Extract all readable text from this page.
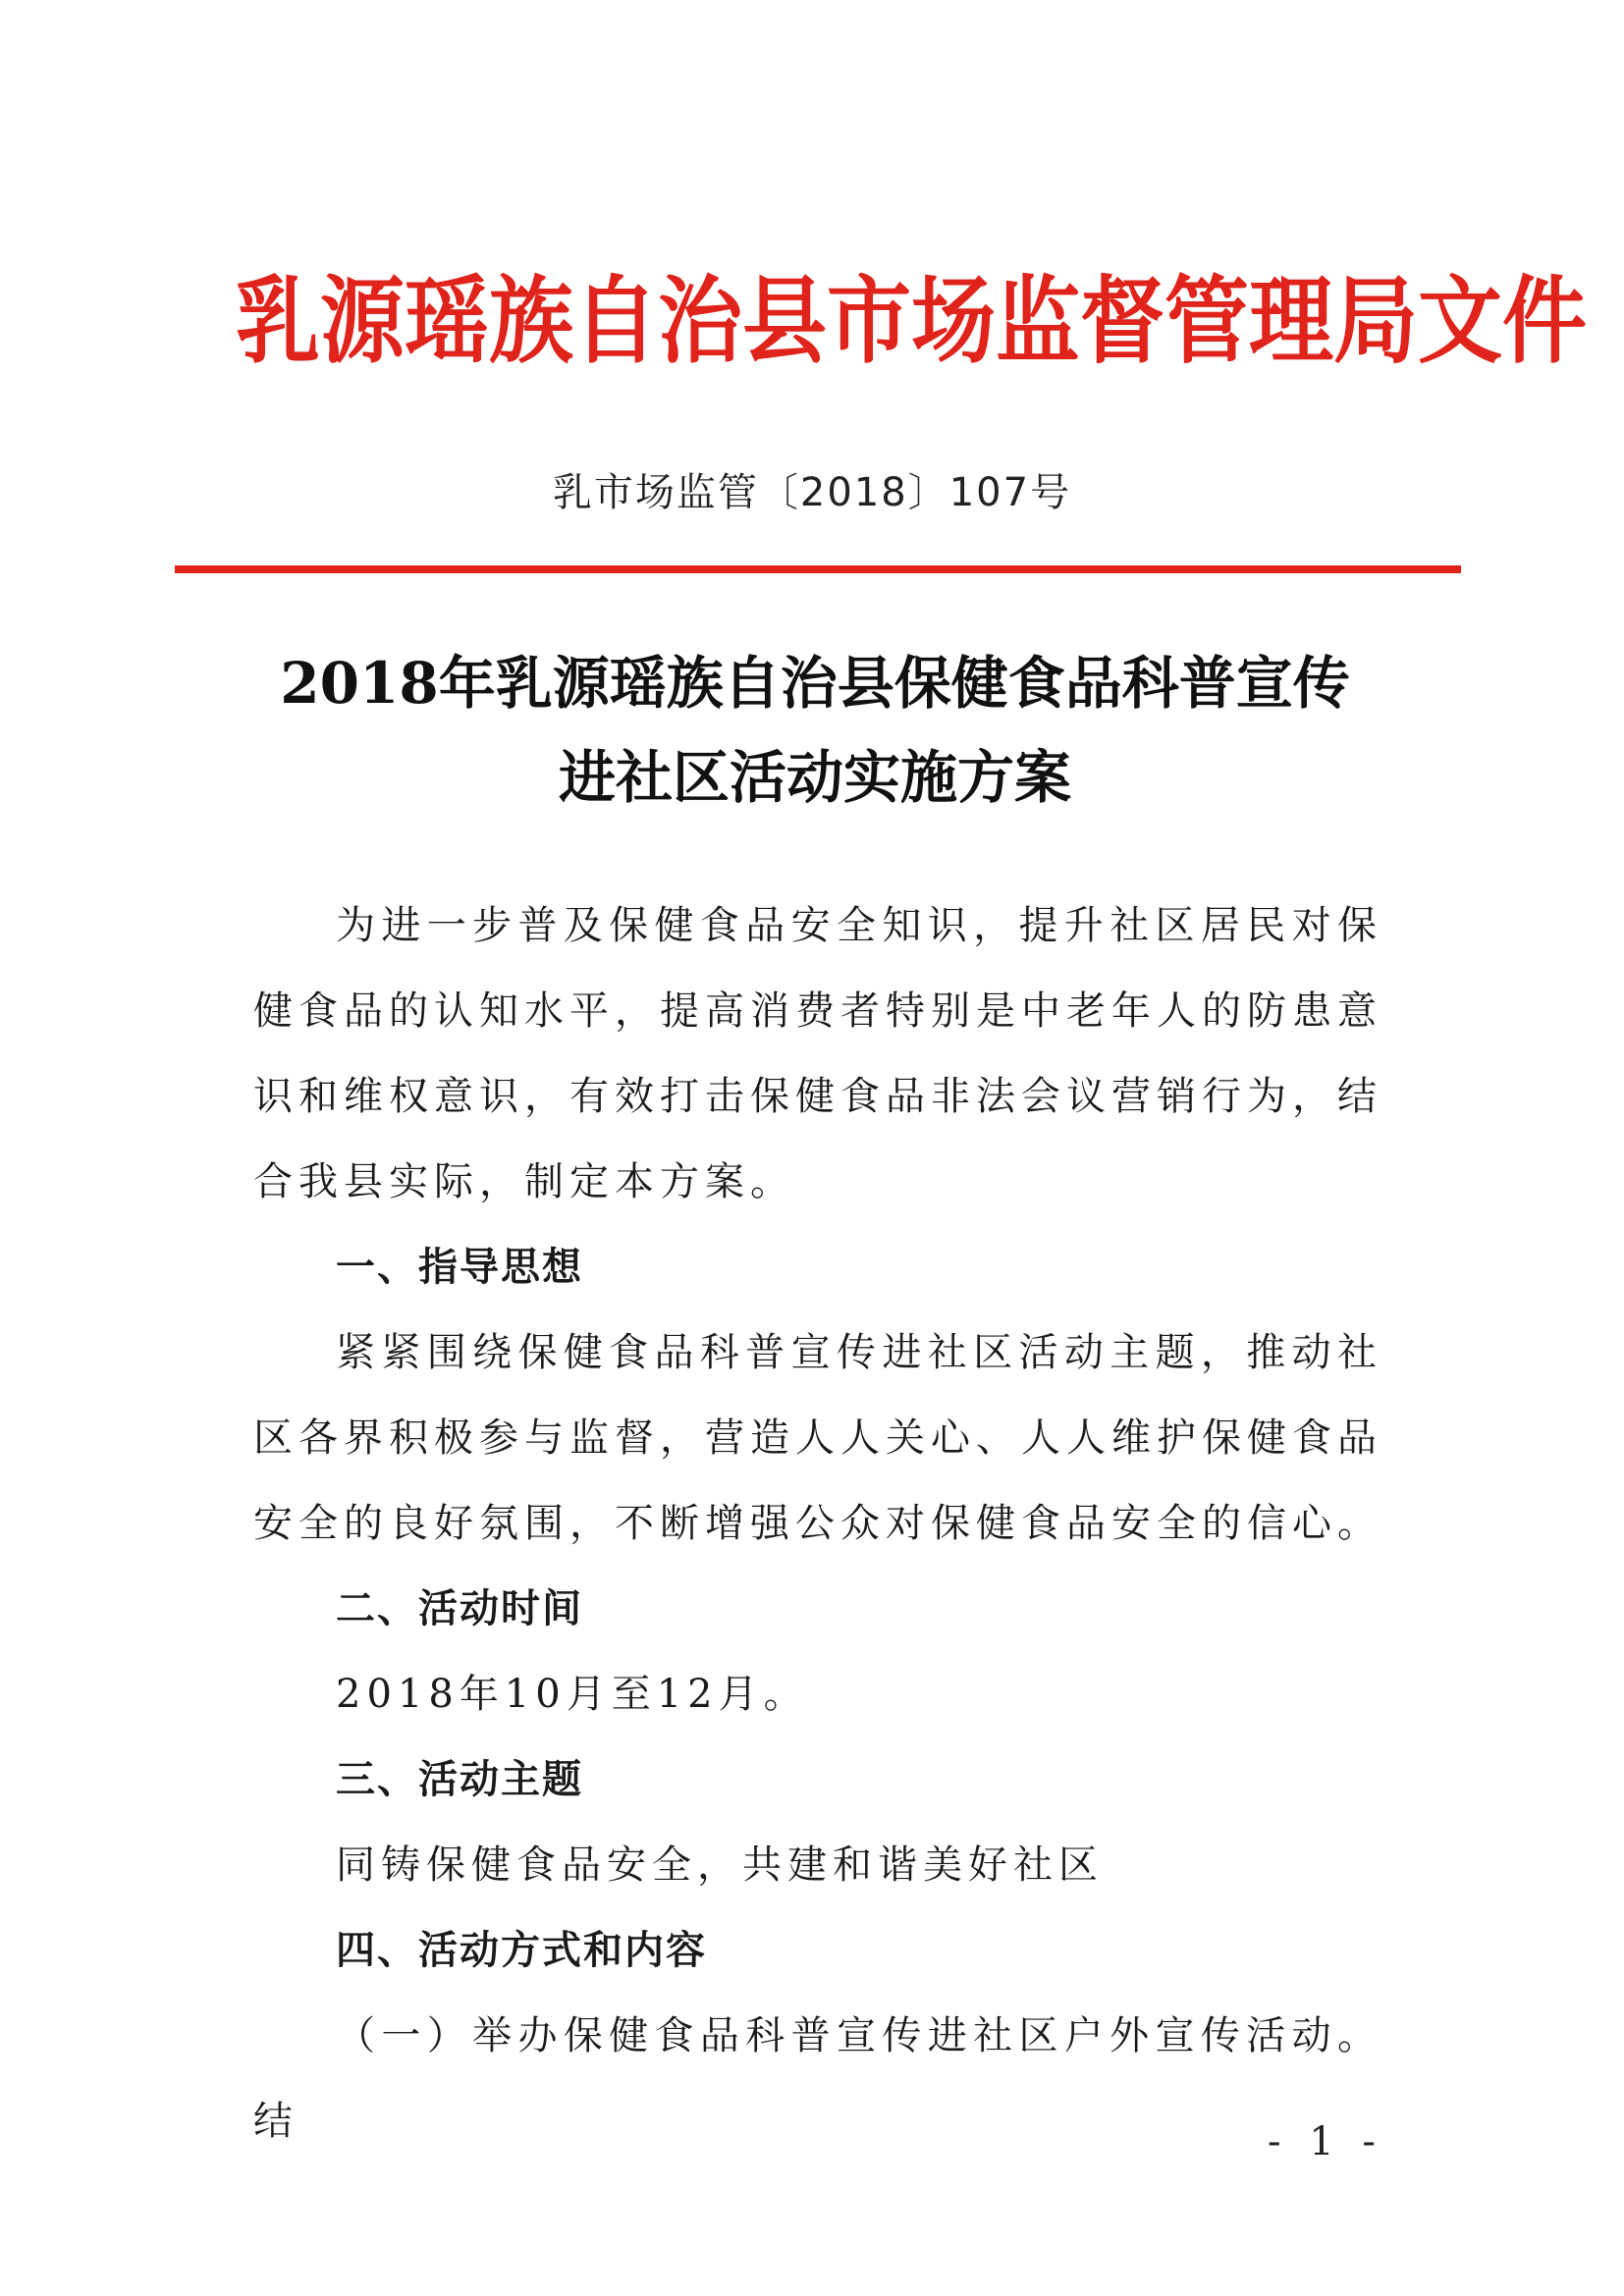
乳源瑶族自治县市场监督管理局文件
乳市场监管〔2018〕107号
2018年乳源瑶族自治县保健食品科普宣传
进社区活动实施方案

为进一步普及保健食品安全知识，提升社区居民对保健食品的认知水平，提高消费者特别是中老年人的防患意识和维权意识，有效打击保健食品非法会议营销行为，结合我县实际，制定本方案。

一、指导思想

紧紧围绕保健食品科普宣传进社区活动主题，推动社区各界积极参与监督，营造人人关心、人人维护保健食品安全的良好氛围，不断增强公众对保健食品安全的信心。

二、活动时间

2018年10月至12月。

三、活动主题

同铸保健食品安全，共建和谐美好社区

四、活动方式和内容

（一）举办保健食品科普宣传进社区户外宣传活动。结	- 1 -
